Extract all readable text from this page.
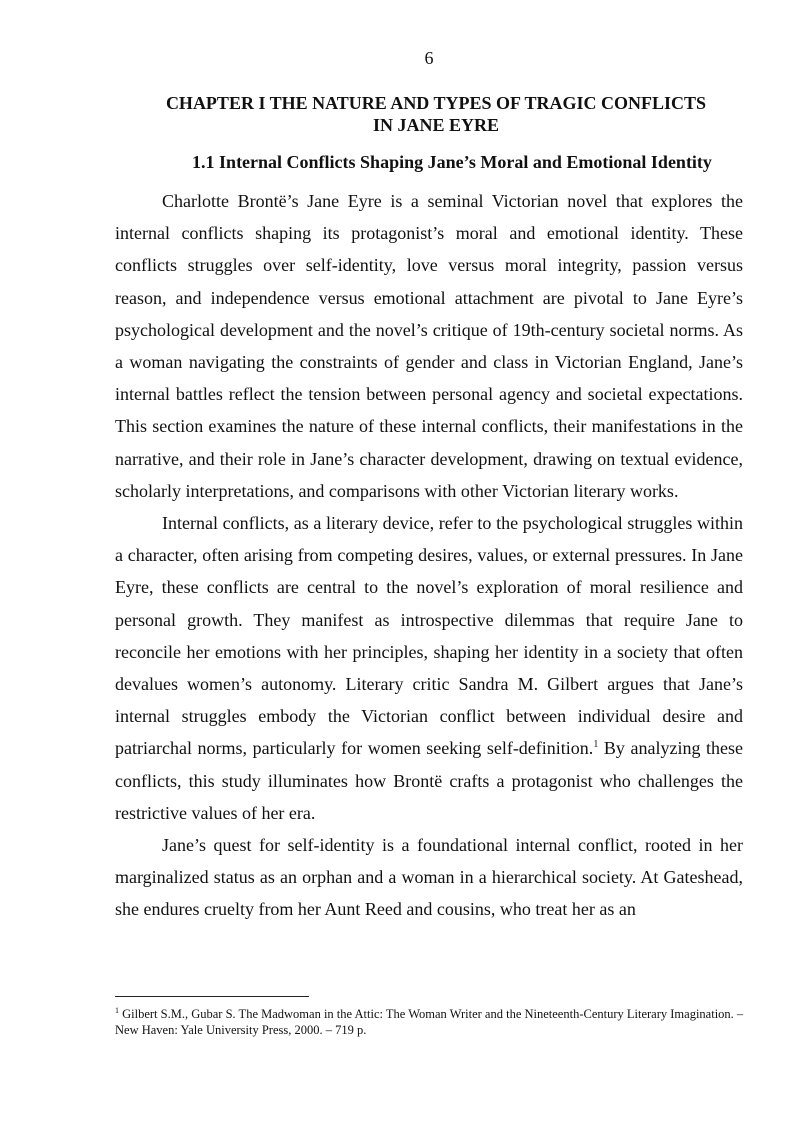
6
CHAPTER I THE NATURE AND TYPES OF TRAGIC CONFLICTS
IN JANE EYRE
1.1 Internal Conflicts Shaping Jane’s Moral and Emotional Identity

Charlotte Brontë’s Jane Eyre is a seminal Victorian novel that explores the internal conflicts shaping its protagonist’s moral and emotional identity. These conflicts struggles over self-identity, love versus moral integrity, passion versus reason, and independence versus emotional attachment are pivotal to Jane Eyre’s psychological development and the novel’s critique of 19th-century societal norms. As a woman navigating the constraints of gender and class in Victorian England, Jane’s internal battles reflect the tension between personal agency and societal expectations. This section examines the nature of these internal conflicts, their manifestations in the narrative, and their role in Jane’s character development, drawing on textual evidence, scholarly interpretations, and comparisons with other Victorian literary works.

Internal conflicts, as a literary device, refer to the psychological struggles within a character, often arising from competing desires, values, or external pressures. In Jane Eyre, these conflicts are central to the novel’s exploration of moral resilience and personal growth. They manifest as introspective dilemmas that require Jane to reconcile her emotions with her principles, shaping her identity in a society that often devalues women’s autonomy. Literary critic Sandra M. Gilbert argues that Jane’s internal struggles embody the Victorian conflict between individual desire and patriarchal norms, particularly for women seeking self-definition.$^1$ By analyzing these conflicts, this study illuminates how Brontë crafts a protagonist who challenges the restrictive values of her era.

Jane’s quest for self-identity is a foundational internal conflict, rooted in her marginalized status as an orphan and a woman in a hierarchical society. At Gateshead, she endures cruelty from her Aunt Reed and cousins, who treat her as an

$^1$ Gilbert S.M., Gubar S. The Madwoman in the Attic: The Woman Writer and the Nineteenth-Century Literary Imagination. – New Haven: Yale University Press, 2000. – 719 p.
